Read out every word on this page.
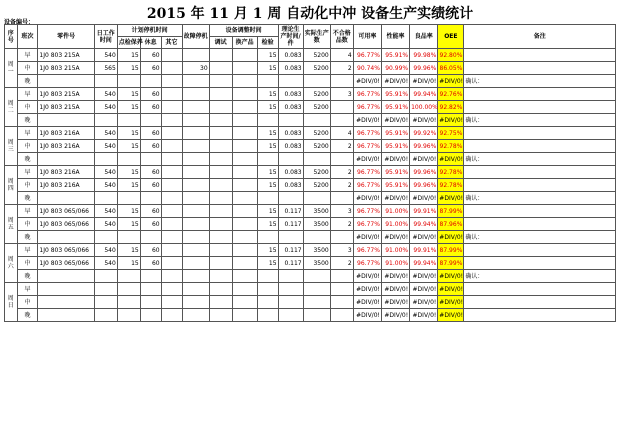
2015 年 11 月 1 周 自动化中冲 设备生产实绩统计
设备编号：
序号	班次	零件号	日工作时间	计划停机时间			故障停机	设备调整时间			理论生产时间/件	实际生产数	不合格品数	可用率	性能率	良品率	OEE	备注
				点检保养	休息	其它		调试	换产品	检验								
周一	早	1J0 803 215A	540	15	60					15	0.083	5200	4	96.77%	95.91%	99.98%	92.80%	
	中	1J0 803 215A	565	15	60		30			15	0.083	5200	2	90.74%	90.99%	99.96%	86.05%	
	晚													#DIV/0!	#DIV/0!	#DIV/0!	#DIV/0!	确认：
周二	早	1J0 803 215A	540	15	60					15	0.083	5200	3	96.77%	95.91%	99.94%	92.76%	
	中	1J0 803 215A	540	15	60					15	0.083	5200		96.77%	95.91%	100.00%	92.82%	
	晚													#DIV/0!	#DIV/0!	#DIV/0!	#DIV/0!	确认：
周三	早	1J0 803 216A	540	15	60					15	0.083	5200	4	96.77%	95.91%	99.92%	92.75%	
	中	1J0 803 216A	540	15	60					15	0.083	5200	2	96.77%	95.91%	99.96%	92.78%	
	晚													#DIV/0!	#DIV/0!	#DIV/0!	#DIV/0!	确认：
周四	早	1J0 803 216A	540	15	60					15	0.083	5200	2	96.77%	95.91%	99.96%	92.78%	
	中	1J0 803 216A	540	15	60					15	0.083	5200	2	96.77%	95.91%	99.96%	92.78%	
	晚													#DIV/0!	#DIV/0!	#DIV/0!	#DIV/0!	确认：
周五	早	1J0 803 065/066	540	15	60					15	0.117	3500	3	96.77%	91.00%	99.91%	87.99%	
	中	1J0 803 065/066	540	15	60					15	0.117	3500	2	96.77%	91.00%	99.94%	87.96%	
	晚													#DIV/0!	#DIV/0!	#DIV/0!	#DIV/0!	确认：
周六	早	1J0 803 065/066	540	15	60					15	0.117	3500	3	96.77%	91.00%	99.91%	87.99%	
	中	1J0 803 065/066	540	15	60					15	0.117	3500	2	96.77%	91.00%	99.94%	87.99%	
	晚													#DIV/0!	#DIV/0!	#DIV/0!	#DIV/0!	确认：
周日	早													#DIV/0!	#DIV/0!	#DIV/0!	#DIV/0!	
	中													#DIV/0!	#DIV/0!	#DIV/0!	#DIV/0!	
	晚													#DIV/0!	#DIV/0!	#DIV/0!	#DIV/0!	
